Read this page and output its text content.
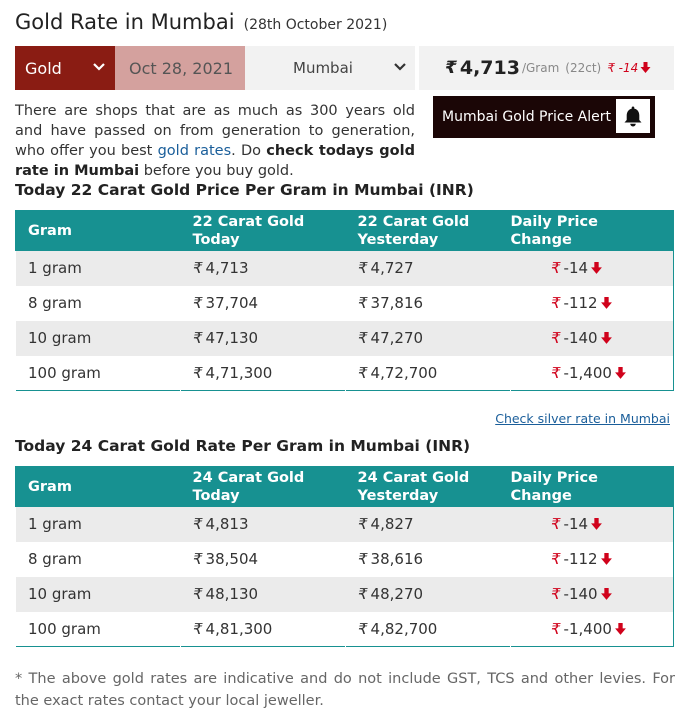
Gold Rate in Mumbai (28th October 2021)
Gold	Oct 28, 2021	Mumbai	₹ 4,713 /Gram (22ct) ₹ -14

There are shops that are as much as 300 years old and have passed on from generation to generation, who offer you best gold rates. Do check todays gold rate in Mumbai before you buy gold.

Mumbai Gold Price Alert
Today 22 Carat Gold Price Per Gram in Mumbai (INR)
Gram	22 Carat Gold Today	22 Carat Gold Yesterday	Daily Price Change
1 gram	₹ 4,713	₹ 4,727	₹ -14
8 gram	₹ 37,704	₹ 37,816	₹ -112
10 gram	₹ 47,130	₹ 47,270	₹ -140
100 gram	₹ 4,71,300	₹ 4,72,700	₹ -1,400
Check silver rate in Mumbai
Today 24 Carat Gold Rate Per Gram in Mumbai (INR)
Gram	24 Carat Gold Today	24 Carat Gold Yesterday	Daily Price Change
1 gram	₹ 4,813	₹ 4,827	₹ -14
8 gram	₹ 38,504	₹ 38,616	₹ -112
10 gram	₹ 48,130	₹ 48,270	₹ -140
100 gram	₹ 4,81,300	₹ 4,82,700	₹ -1,400

* The above gold rates are indicative and do not include GST, TCS and other levies. For the exact rates contact your local jeweller.
